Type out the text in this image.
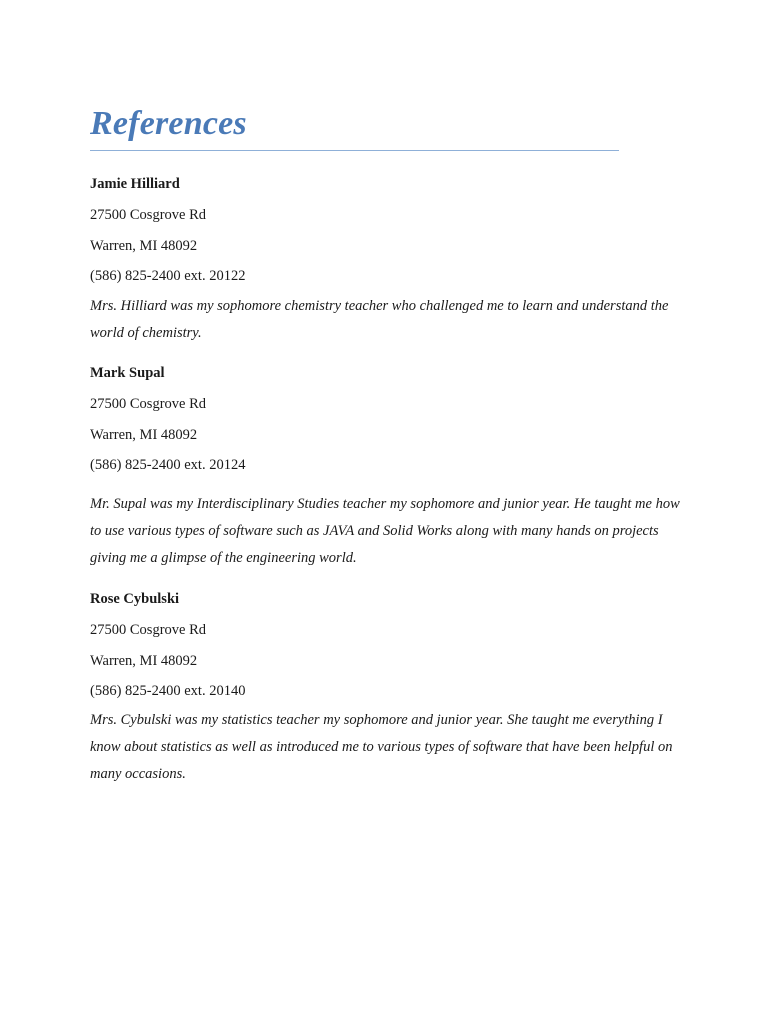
References

Jamie Hilliard

27500 Cosgrove Rd

Warren, MI 48092

(586) 825-2400 ext. 20122

Mrs. Hilliard was my sophomore chemistry teacher who challenged me to learn and understand the world of chemistry.

Mark Supal

27500 Cosgrove Rd

Warren, MI 48092

(586) 825-2400 ext. 20124

Mr. Supal was my Interdisciplinary Studies teacher my sophomore and junior year. He taught me how to use various types of software such as JAVA and Solid Works along with many hands on projects giving me a glimpse of the engineering world.

Rose Cybulski

27500 Cosgrove Rd

Warren, MI 48092

(586) 825-2400 ext. 20140

Mrs. Cybulski was my statistics teacher my sophomore and junior year. She taught me everything I know about statistics as well as introduced me to various types of software that have been helpful on many occasions.
